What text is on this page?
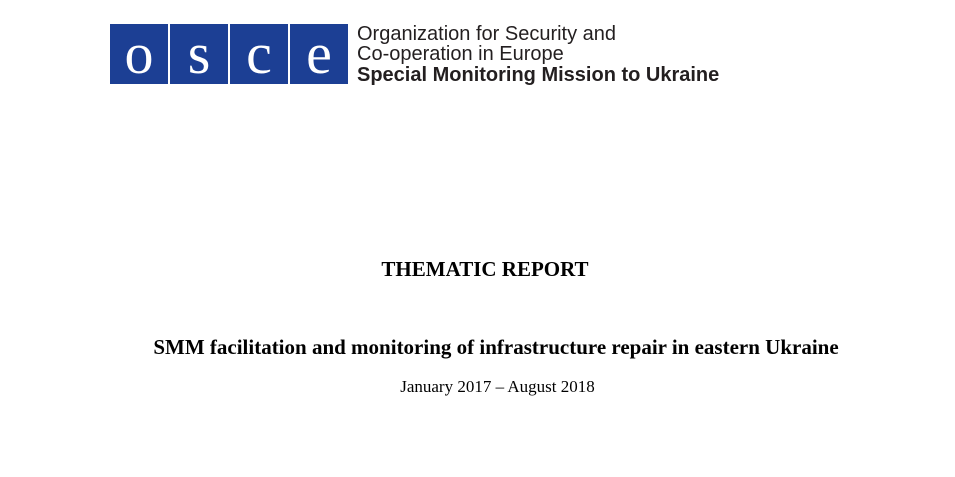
o s c e	Organization for Security and
Co-operation in Europe
Special Monitoring Mission to Ukraine
THEMATIC REPORT
SMM facilitation and monitoring of infrastructure repair in eastern Ukraine
January 2017 – August 2018
